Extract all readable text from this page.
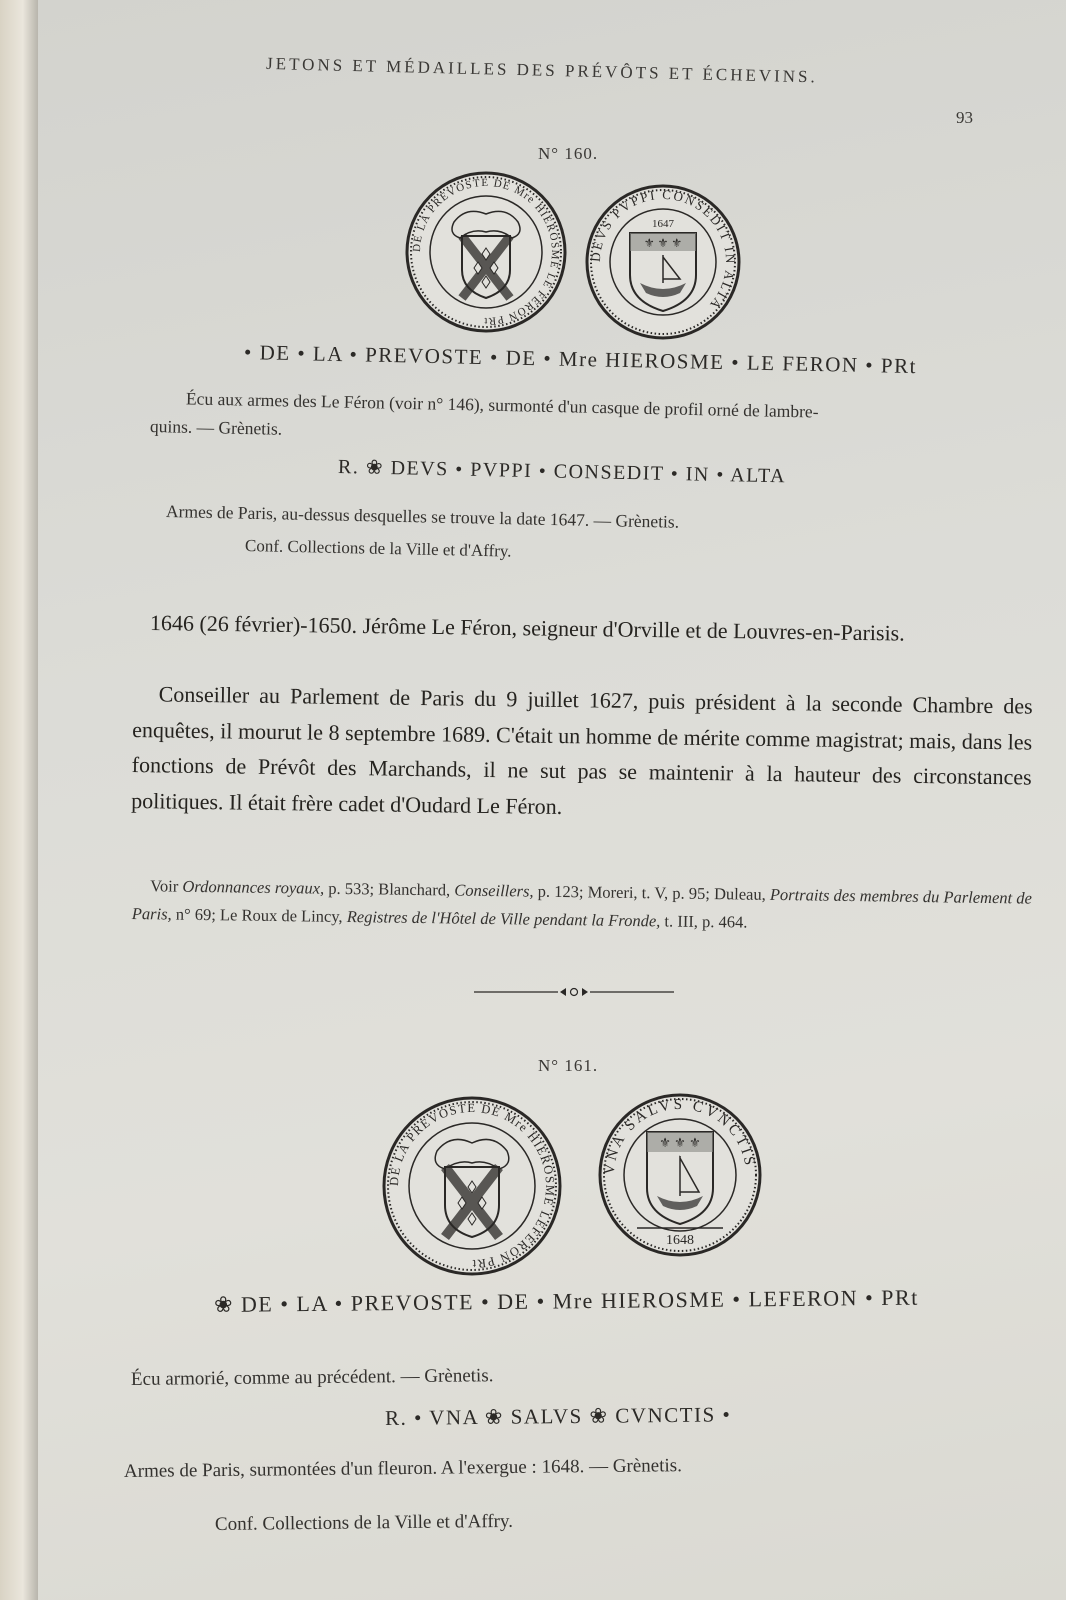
JETONS ET MÉDAILLES DES PRÉVÔTS ET ÉCHEVINS.
93
N° 160.
DE LA PREVOSTE DE Mre HIEROSME LE FERON PRt
DEVS PVPPI CONSEDIT IN ALTA
1647
⚜ ⚜ ⚜
• DE • LA • PREVOSTE • DE • Mre HIEROSME • LE FERON • PRt
Écu aux armes des Le Féron (voir n° 146), surmonté d'un casque de profil orné de lambre-
quins. — Grènetis.
R. ❀ DEVS • PVPPI • CONSEDIT • IN • ALTA
Armes de Paris, au-dessus desquelles se trouve la date 1647. — Grènetis.
Conf. Collections de la Ville et d'Affry.
1646 (26 février)-1650. Jérôme Le Féron, seigneur d'Orville et de Louvres-en-Parisis.
Conseiller au Parlement de Paris du 9 juillet 1627, puis président à la seconde Chambre des enquêtes, il mourut le 8 septembre 1689. C'était un homme de mérite comme magistrat; mais, dans les fonctions de Prévôt des Marchands, il ne sut pas se maintenir à la hauteur des circonstances politiques. Il était frère cadet d'Oudard Le Féron.
Voir Ordonnances royaux, p. 533; Blanchard, Conseillers, p. 123; Moreri, t. V, p. 95; Duleau, Portraits des membres du Parlement de Paris, n° 69; Le Roux de Lincy, Registres de l'Hôtel de Ville pendant la Fronde, t. III, p. 464.
N° 161.
DE LA PREVOSTE DE Mre HIEROSME LEFERON PRt
VNA SALVS CVNCTIS
⚜ ⚜ ⚜
1648
❀ DE • LA • PREVOSTE • DE • Mre HIEROSME • LEFERON • PRt
Écu armorié, comme au précédent. — Grènetis.
R. • VNA ❀ SALVS ❀ CVNCTIS •
Armes de Paris, surmontées d'un fleuron. A l'exergue : 1648. — Grènetis.
Conf. Collections de la Ville et d'Affry.
